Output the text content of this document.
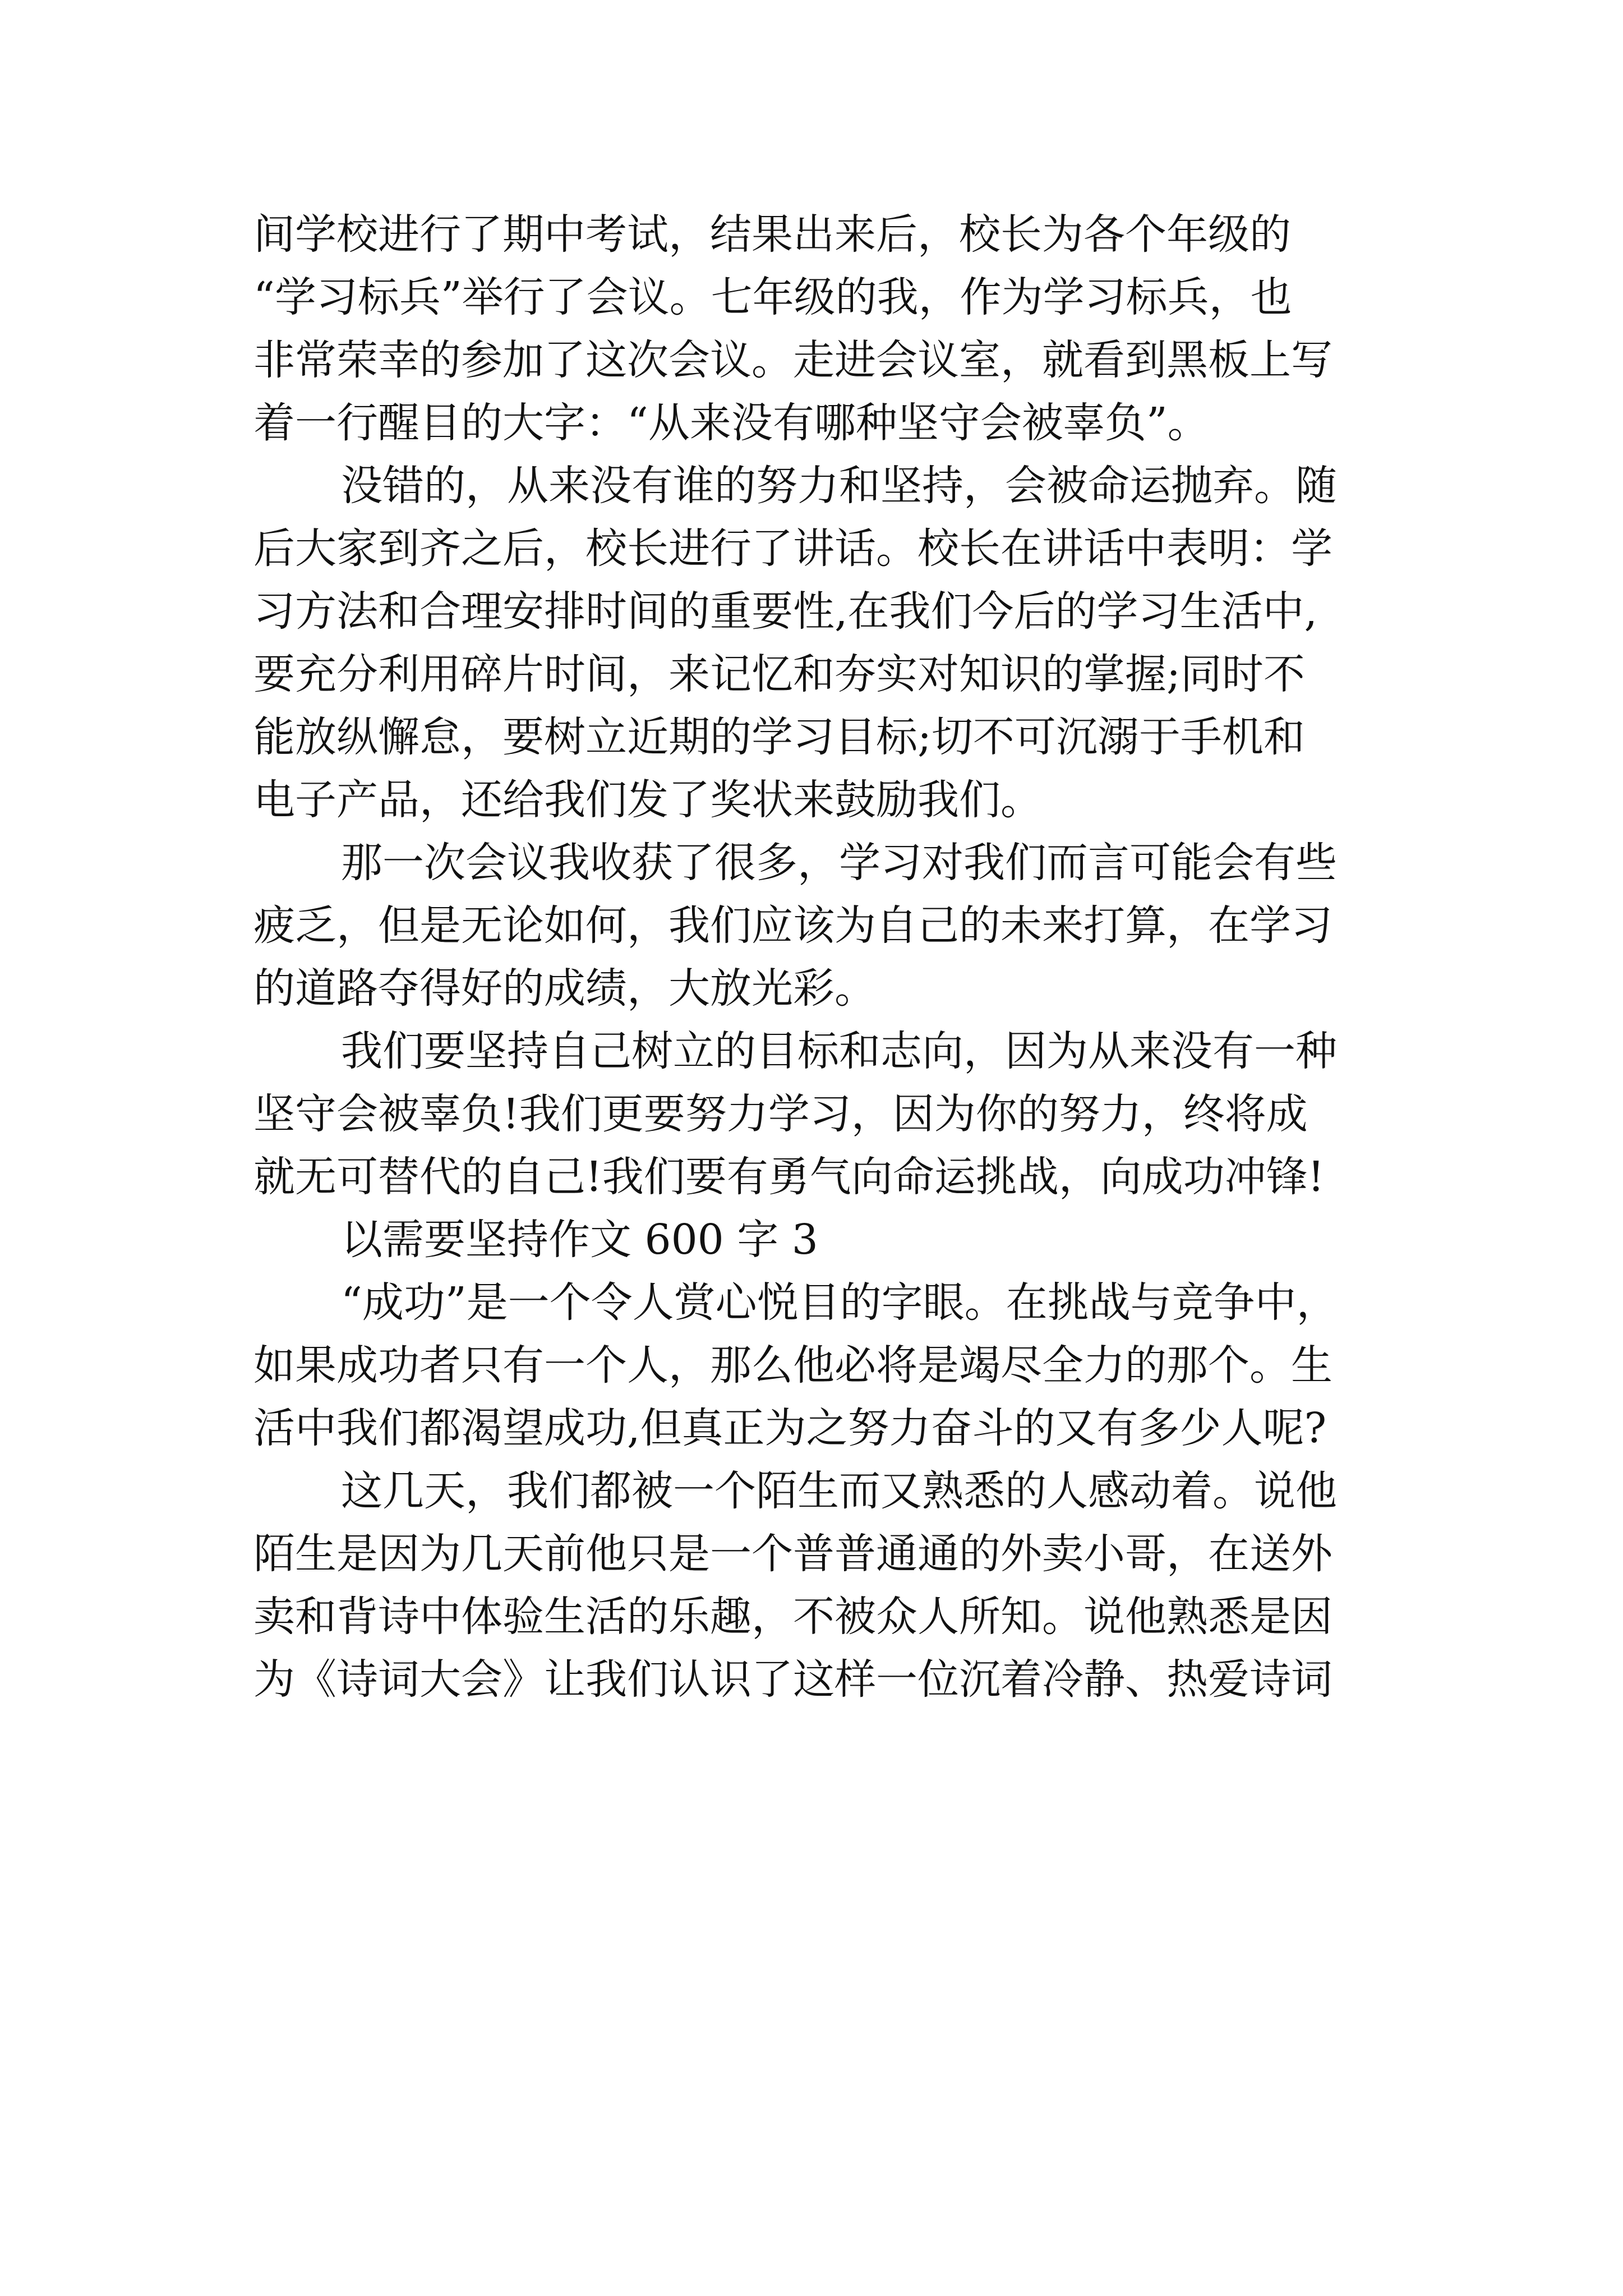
间学校进行了期中考试，结果出来后，校长为各个年级的
“学习标兵”举行了会议。七年级的我，作为学习标兵，也
非常荣幸的参加了这次会议。走进会议室，就看到黑板上写
着一行醒目的大字：“从来没有哪种坚守会被辜负”。
没错的，从来没有谁的努力和坚持，会被命运抛弃。随
后大家到齐之后，校长进行了讲话。校长在讲话中表明：学
习方法和合理安排时间的重要性,在我们今后的学习生活中,
要充分利用碎片时间，来记忆和夯实对知识的掌握;同时不
能放纵懈怠，要树立近期的学习目标;切不可沉溺于手机和
电子产品，还给我们发了奖状来鼓励我们。
那一次会议我收获了很多，学习对我们而言可能会有些
疲乏，但是无论如何，我们应该为自己的未来打算，在学习
的道路夺得好的成绩，大放光彩。
我们要坚持自己树立的目标和志向，因为从来没有一种
坚守会被辜负!我们更要努力学习，因为你的努力，终将成
就无可替代的自己!我们要有勇气向命运挑战，向成功冲锋!
以需要坚持作文 600 字 3
“成功”是一个令人赏心悦目的字眼。在挑战与竞争中，
如果成功者只有一个人，那么他必将是竭尽全力的那个。生
活中我们都渴望成功,但真正为之努力奋斗的又有多少人呢?
这几天，我们都被一个陌生而又熟悉的人感动着。说他
陌生是因为几天前他只是一个普普通通的外卖小哥，在送外
卖和背诗中体验生活的乐趣，不被众人所知。说他熟悉是因
为《诗词大会》让我们认识了这样一位沉着冷静、热爱诗词
